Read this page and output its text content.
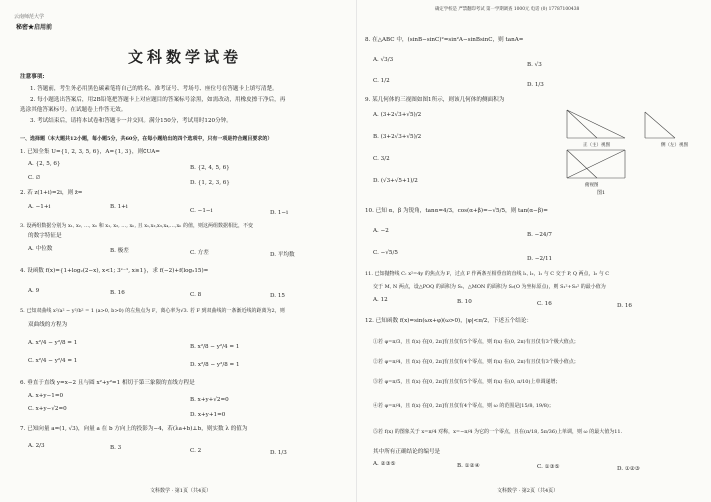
云南师范大学
秘密★启用前
文科数学试卷
注意事项:
1. 答题前，考生务必用黑色碳素笔将自己的姓名、准考证号、考场号、座位号在答题卡上填写清楚。
2. 每小题选出答案后，用2B铅笔把答题卡上对应题目的答案标号涂黑，如需改动，用橡皮擦干净后，再
选涂其他答案标号。在试题卷上作答无效。
3. 考试结束后，请将本试卷和答题卡一并交回。满分150分，考试用时120分钟。
一、选择题（本大题共12小题，每小题5分，共60分，在每小题给出的四个选项中，只有一项是符合题目要求的）
1. 已知全集 U={1, 2, 3, 5, 6}，A={1, 3}，则∁UA=
A. {2, 5, 6}
B. {2, 4, 5, 6}
C. ∅
D. {1, 2, 3, 6}
2. 若 z(1+i)=2i，则 z̄=
A. −1+i	B. 1+i
C. −1−i	D. 1−i
3. 设两组数据分别为 x₁, x₂, …, xₙ 和 x₁, x₂, …, xₙ, 且 x₁,x₂,x₃,x₄,…,xₙ 的值，则这两组数据相比，不变
的数字特征是
A. 中位数	B. 极差	C. 方差	D. 平均数
4. 设函数 f(x)={1+log₂(2−x), x<1; 3ˣ⁻¹, x≥1}，求 f(−2)+f(log₂15)=
A. 9	B. 16	C. 8	D. 15
5. 已知双曲线 x²/a² − y²/b² = 1 (a>0, b>0) 的左焦点为 F，离心率为√3. 若 F 到双曲线的一条渐近线的距离为2，则
双曲线的方程为
A. x²/4 − y²/8 = 1
B. x²/8 − y²/4 = 1
C. x²/4 − y²/4 = 1
D. x²/8 − y²/8 = 1
6. 垂直于直线 y=x−2 且与圆 x²+y²=1 相切于第三象限的直线方程是
A. x+y−1=0
B. x+y+√2=0
C. x+y−√2=0
D. x+y+1=0
7. 已知向量 a=(1, √3)，向量 a 在 b 方向上的投影为−4，若(λa+b)⊥b，则实数 λ 的值为
A. 2/3	B. 3	C. 2	D. 1/3
文科数学 · 第1页（共4页）
确定学校是 严禁翻印考试 第一学期调查 1000元 电话 (0) 17787100438
8. 在△ABC 中，(sinB−sinC)²=sin²A−sinBsinC，则 tanA=
A. √3/3
B. √3
C. 1/2
D. 1/3
9. 某几何体的三视图如图1所示，则该几何体的侧面积为
A. (3+2√3+√5)/2
B. (3+2√3+√5)/2
C. 3/2
D. (√3+√5+1)/2
正（主）视图	侧（左）视图
俯视图
图1
10. 已知 α，β 为锐角，tanα=4/3，cos(α+β)=−√5/5，则 tan(α−β)=
A. −2
B. −24/7
C. −√5/5
D. −2/11
11. 已知抛物线 C: x²=4y 的焦点为 F，过点 F 作两条互相垂直的直线 l₁, l₂，l₁ 与 C 交于 P, Q 两点，l₂ 与 C
交于 M, N 两点，设△POQ 的面积为 S₁，△MON 的面积为 S₂(O 为坐标原点)，则 S₁²+S₂² 的最小值为
A. 12	B. 10	C. 16	D. 16
12. 已知函数 f(x)=sin(ωx+φ)(ω>0)，|φ|<π/2，下述五个结论：
①若 φ=π/3，且 f(x) 在[0, 2π]有且仅有5个零点，则 f(x) 在(0, 2π)有且仅有3个极大值点；
②若 φ=π/4，且 f(x) 在[0, 2π]有且仅有4个零点，则 f(x) 在(0, 2π)有且仅有3个极小值点；
③若 φ=π/5，且 f(x) 在[0, 2π]有且仅有5个零点，则 f(x) 在(0, π/10)上单调递增；
④若 φ=π/4，且 f(x) 在[0, 2π]有且仅有4个零点，则 ω 的范围是[15/8, 19/8)；
⑤若 f(x) 的图象关于 x=π/4 对称，x=−π/4 为它的一个零点，且在(π/18, 5π/36)上单调，则 ω 的最大值为11.
其中所有正确结论的编号是
A. ②③⑤	B. ①②④	C. ①③⑤	D. ①②③
文科数学 · 第2页（共4页）
